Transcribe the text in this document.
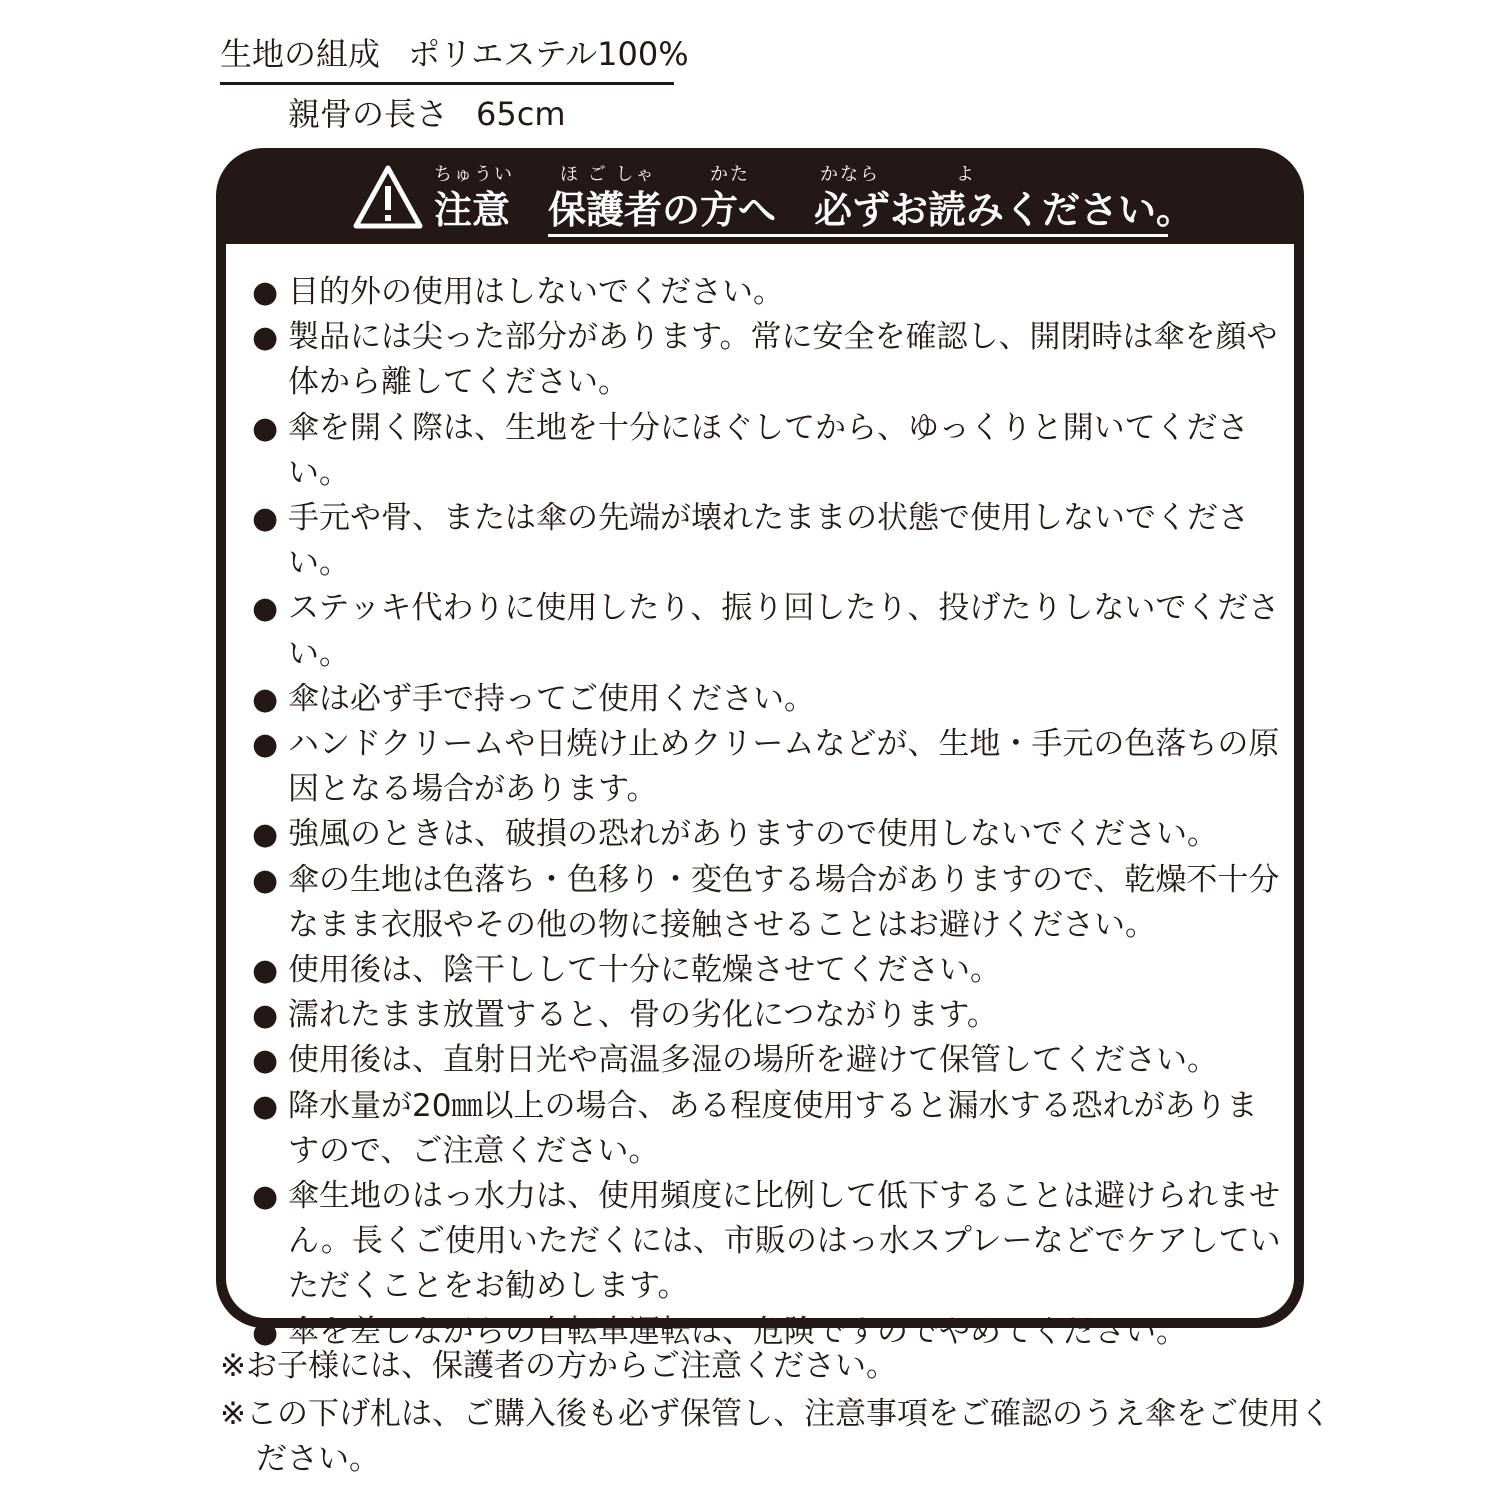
生地の組成 ポリエステル100%
親骨の長さ 65cm
ちゅうい	ほ ご しゃ	かた	かなら	よ
注意 保護者の方へ　必ずお読みください。
● 目的外の使用はしないでください。
● 製品には尖った部分があります。常に安全を確認し、開閉時は傘を顔や体から離してください。
● 傘を開く際は、生地を十分にほぐしてから、ゆっくりと開いてください。
● 手元や骨、または傘の先端が壊れたままの状態で使用しないでください。
● ステッキ代わりに使用したり、振り回したり、投げたりしないでください。
● 傘は必ず手で持ってご使用ください。
● ハンドクリームや日焼け止めクリームなどが、生地・手元の色落ちの原因となる場合があります。
● 強風のときは、破損の恐れがありますので使用しないでください。
● 傘の生地は色落ち・色移り・変色する場合がありますので、乾燥不十分なまま衣服やその他の物に接触させることはお避けください。
● 使用後は、陰干しして十分に乾燥させてください。
● 濡れたまま放置すると、骨の劣化につながります。
● 使用後は、直射日光や高温多湿の場所を避けて保管してください。
● 降水量が20㎜以上の場合、ある程度使用すると漏水する恐れがありますので、ご注意ください。
● 傘生地のはっ水力は、使用頻度に比例して低下することは避けられません。長くご使用いただくには、市販のはっ水スプレーなどでケアしていただくことをお勧めします。
● 傘を差しながらの自転車運転は、危険ですのでやめてください。
※お子様には、保護者の方からご注意ください。
※この下げ札は、ご購入後も必ず保管し、注意事項をご確認のうえ傘をご使用ください。
